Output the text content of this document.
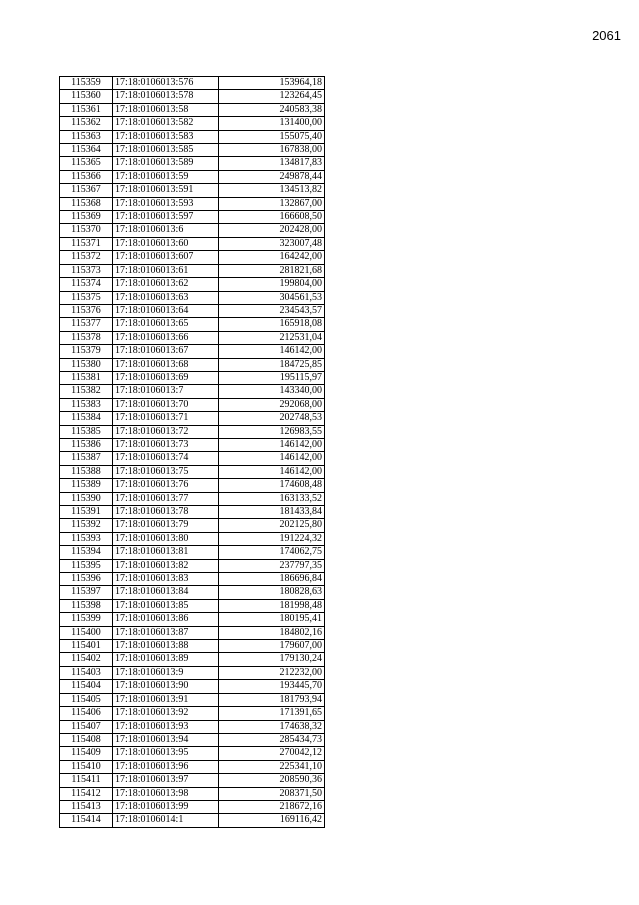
2061
115359	17:18:0106013:576	153964,18
115360	17:18:0106013:578	123264,45
115361	17:18:0106013:58	240583,38
115362	17:18:0106013:582	131400,00
115363	17:18:0106013:583	155075,40
115364	17:18:0106013:585	167838,00
115365	17:18:0106013:589	134817,83
115366	17:18:0106013:59	249878,44
115367	17:18:0106013:591	134513,82
115368	17:18:0106013:593	132867,00
115369	17:18:0106013:597	166608,50
115370	17:18:0106013:6	202428,00
115371	17:18:0106013:60	323007,48
115372	17:18:0106013:607	164242,00
115373	17:18:0106013:61	281821,68
115374	17:18:0106013:62	199804,00
115375	17:18:0106013:63	304561,53
115376	17:18:0106013:64	234543,57
115377	17:18:0106013:65	165918,08
115378	17:18:0106013:66	212531,04
115379	17:18:0106013:67	146142,00
115380	17:18:0106013:68	184725,85
115381	17:18:0106013:69	195115,97
115382	17:18:0106013:7	143340,00
115383	17:18:0106013:70	292068,00
115384	17:18:0106013:71	202748,53
115385	17:18:0106013:72	126983,55
115386	17:18:0106013:73	146142,00
115387	17:18:0106013:74	146142,00
115388	17:18:0106013:75	146142,00
115389	17:18:0106013:76	174608,48
115390	17:18:0106013:77	163133,52
115391	17:18:0106013:78	181433,84
115392	17:18:0106013:79	202125,80
115393	17:18:0106013:80	191224,32
115394	17:18:0106013:81	174062,75
115395	17:18:0106013:82	237797,35
115396	17:18:0106013:83	186696,84
115397	17:18:0106013:84	180828,63
115398	17:18:0106013:85	181998,48
115399	17:18:0106013:86	180195,41
115400	17:18:0106013:87	184802,16
115401	17:18:0106013:88	179607,00
115402	17:18:0106013:89	179130,24
115403	17:18:0106013:9	212232,00
115404	17:18:0106013:90	193445,70
115405	17:18:0106013:91	181793,94
115406	17:18:0106013:92	171391,65
115407	17:18:0106013:93	174638,32
115408	17:18:0106013:94	285434,73
115409	17:18:0106013:95	270042,12
115410	17:18:0106013:96	225341,10
115411	17:18:0106013:97	208590,36
115412	17:18:0106013:98	208371,50
115413	17:18:0106013:99	218672,16
115414	17:18:0106014:1	169116,42
